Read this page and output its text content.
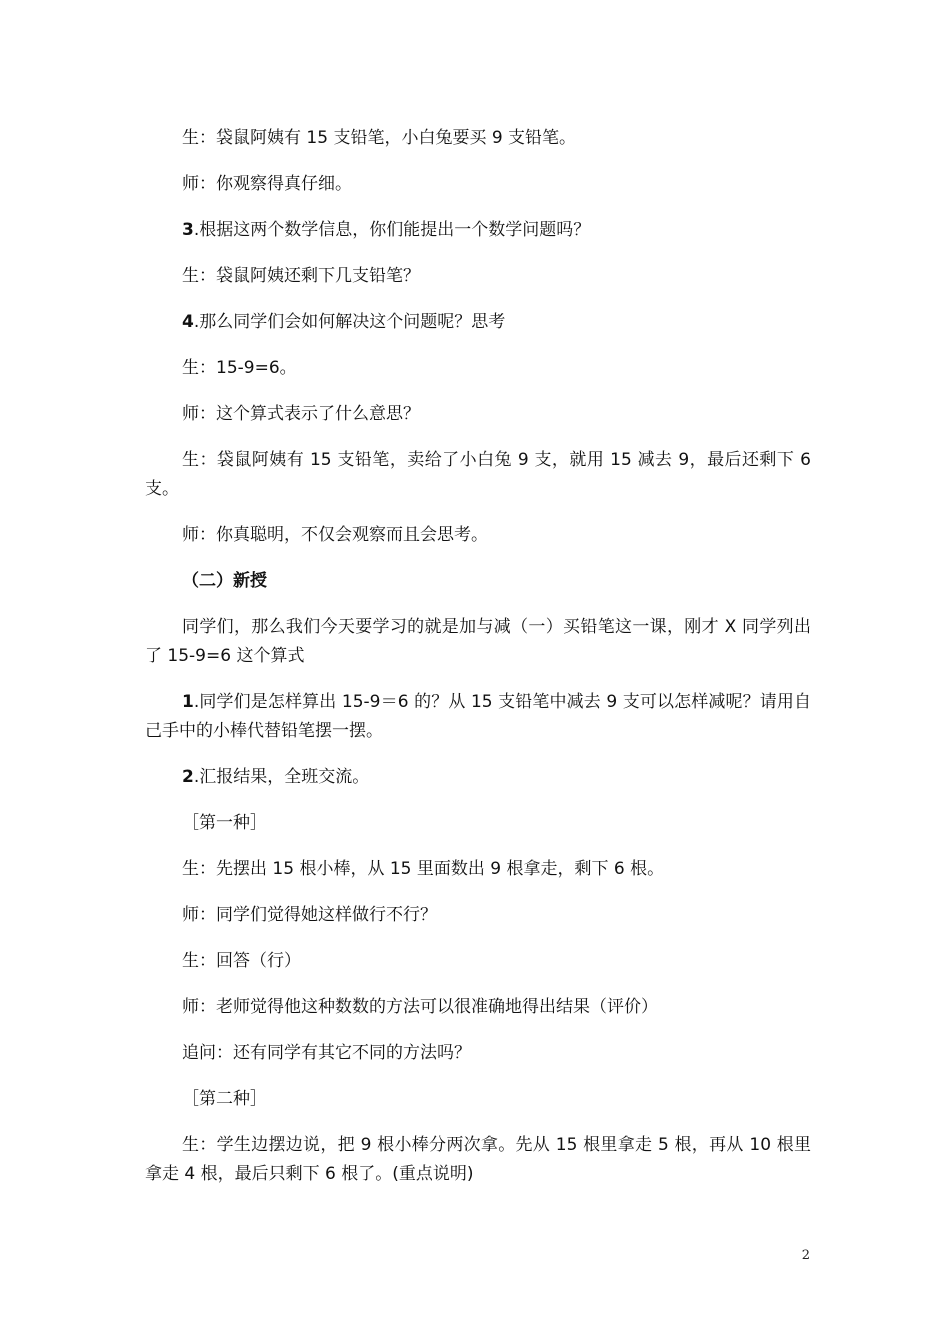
生：袋鼠阿姨有 15 支铅笔，小白兔要买 9 支铅笔。

师：你观察得真仔细。

3.根据这两个数学信息，你们能提出一个数学问题吗？

生：袋鼠阿姨还剩下几支铅笔？

4.那么同学们会如何解决这个问题呢？思考

生：15-9=6。

师：这个算式表示了什么意思？

生：袋鼠阿姨有 15 支铅笔，卖给了小白兔 9 支，就用 15 减去 9，最后还剩下 6 支。

师：你真聪明，不仅会观察而且会思考。

（二）新授

同学们，那么我们今天要学习的就是加与减（一）买铅笔这一课，刚才 X 同学列出了 15-9=6 这个算式

1.同学们是怎样算出 15-9＝6 的？从 15 支铅笔中减去 9 支可以怎样减呢？请用自己手中的小棒代替铅笔摆一摆。

2.汇报结果，全班交流。

［第一种］

生：先摆出 15 根小棒，从 15 里面数出 9 根拿走，剩下 6 根。

师：同学们觉得她这样做行不行？

生：回答（行）

师：老师觉得他这种数数的方法可以很准确地得出结果（评价）

追问：还有同学有其它不同的方法吗？

［第二种］

生：学生边摆边说，把 9 根小棒分两次拿。先从 15 根里拿走 5 根，再从 10 根里拿走 4 根，最后只剩下 6 根了。(重点说明)

2
